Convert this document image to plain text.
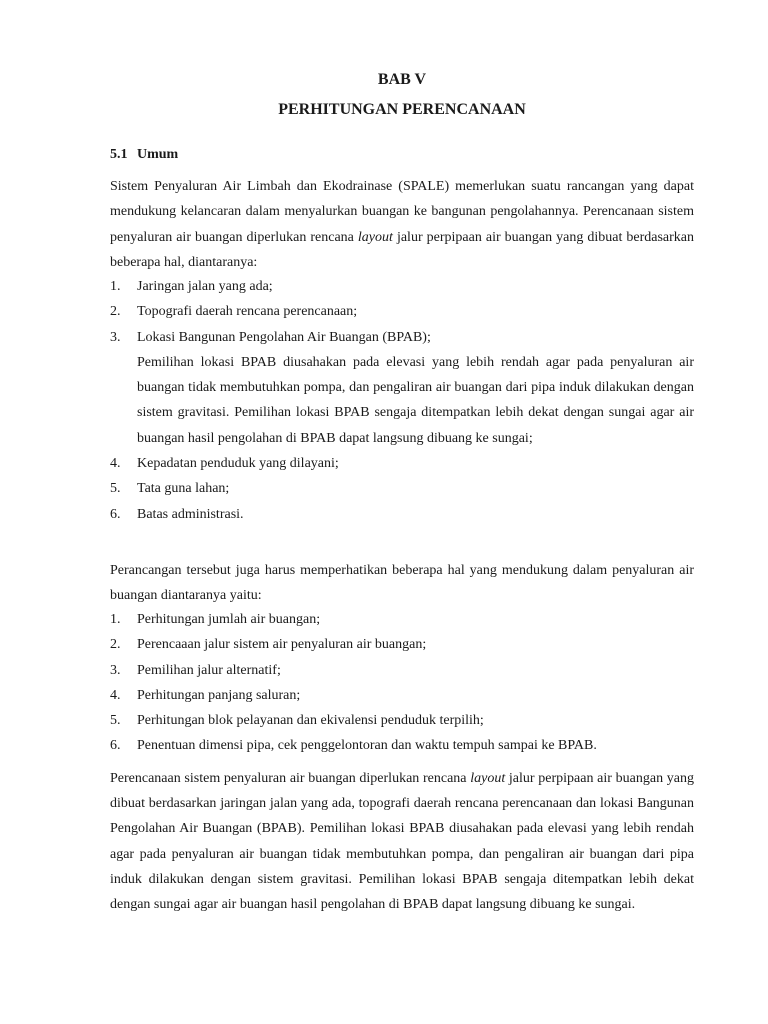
BAB V
PERHITUNGAN PERENCANAAN
5.1 Umum

Sistem Penyaluran Air Limbah dan Ekodrainase (SPALE) memerlukan suatu rancangan yang dapat mendukung kelancaran dalam menyalurkan buangan ke bangunan pengolahannya. Perencanaan sistem penyaluran air buangan diperlukan rencana layout jalur perpipaan air buangan yang dibuat berdasarkan beberapa hal, diantaranya:

1. Jaringan jalan yang ada;
2. Topografi daerah rencana perencanaan;
3. Lokasi Bangunan Pengolahan Air Buangan (BPAB);
Pemilihan lokasi BPAB diusahakan pada elevasi yang lebih rendah agar pada penyaluran air buangan tidak membutuhkan pompa, dan pengaliran air buangan dari pipa induk dilakukan dengan sistem gravitasi. Pemilihan lokasi BPAB sengaja ditempatkan lebih dekat dengan sungai agar air buangan hasil pengolahan di BPAB dapat langsung dibuang ke sungai;
4. Kepadatan penduduk yang dilayani;
5. Tata guna lahan;
6. Batas administrasi.

Perancangan tersebut juga harus memperhatikan beberapa hal yang mendukung dalam penyaluran air buangan diantaranya yaitu:

1. Perhitungan jumlah air buangan;
2. Perencaaan jalur sistem air penyaluran air buangan;
3. Pemilihan jalur alternatif;
4. Perhitungan panjang saluran;
5. Perhitungan blok pelayanan dan ekivalensi penduduk terpilih;
6. Penentuan dimensi pipa, cek penggelontoran dan waktu tempuh sampai ke BPAB.

Perencanaan sistem penyaluran air buangan diperlukan rencana layout jalur perpipaan air buangan yang dibuat berdasarkan jaringan jalan yang ada, topografi daerah rencana perencanaan dan lokasi Bangunan Pengolahan Air Buangan (BPAB). Pemilihan lokasi BPAB diusahakan pada elevasi yang lebih rendah agar pada penyaluran air buangan tidak membutuhkan pompa, dan pengaliran air buangan dari pipa induk dilakukan dengan sistem gravitasi. Pemilihan lokasi BPAB sengaja ditempatkan lebih dekat dengan sungai agar air buangan hasil pengolahan di BPAB dapat langsung dibuang ke sungai.
